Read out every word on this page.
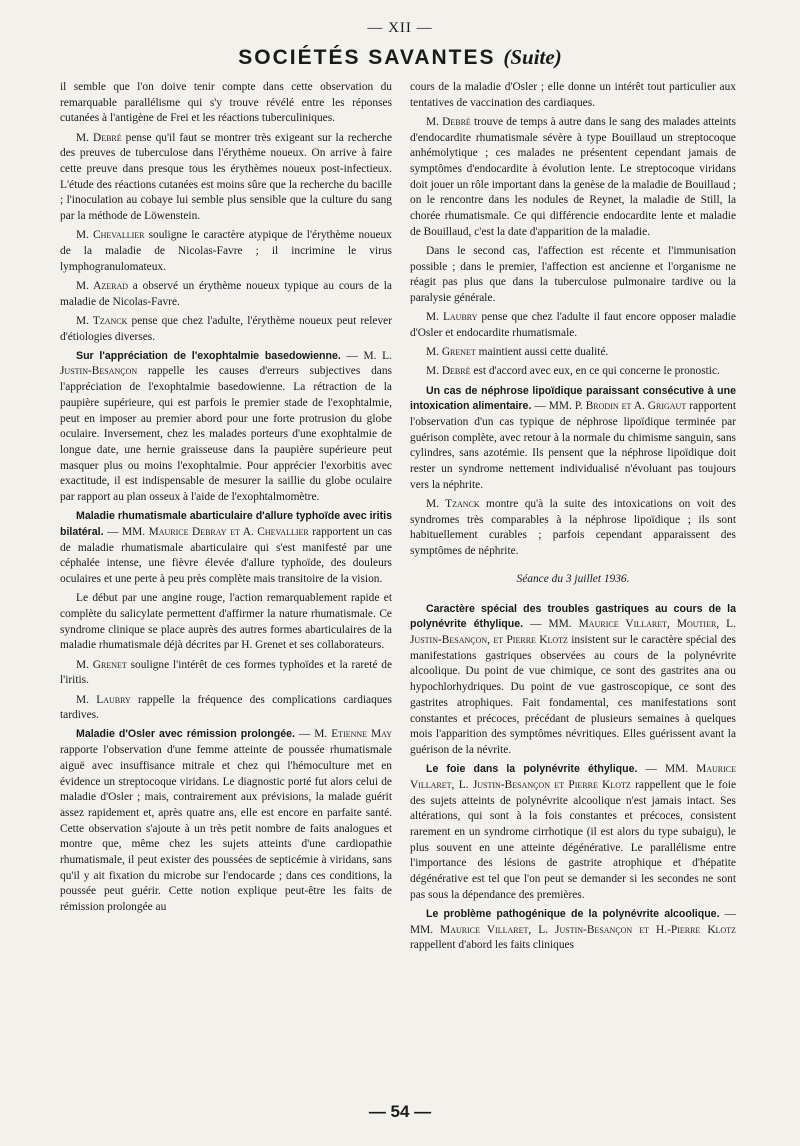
— XII —
SOCIÉTÉS SAVANTES (Suite)

il semble que l'on doive tenir compte dans cette observation du remarquable parallélisme qui s'y trouve révélé entre les réponses cutanées à l'antigène de Frei et les réactions tuberculiniques.

M. Debré pense qu'il faut se montrer très exigeant sur la recherche des preuves de tuberculose dans l'érythème noueux. On arrive à faire cette preuve dans presque tous les érythèmes noueux post-infectieux. L'étude des réactions cutanées est moins sûre que la recherche du bacille ; l'inoculation au cobaye lui semble plus sensible que la culture du sang par la méthode de Löwenstein.

M. Chevallier souligne le caractère atypique de l'érythème noueux de la maladie de Nicolas-Favre ; il incrimine le virus lymphogranulomateux.

M. Azerad a observé un érythème noueux typique au cours de la maladie de Nicolas-Favre.

M. Tzanck pense que chez l'adulte, l'érythème noueux peut relever d'étiologies diverses.

Sur l'appréciation de l'exophtalmie basedowienne. — M. L. Justin-Besançon rappelle les causes d'erreurs subjectives dans l'appréciation de l'exophtalmie basedowienne. La rétraction de la paupière supérieure, qui est parfois le premier stade de l'exophtalmie, peut en imposer au premier abord pour une forte protrusion du globe oculaire. Inversement, chez les malades porteurs d'une exophtalmie de longue date, une hernie graisseuse dans la paupière supérieure peut masquer plus ou moins l'exophtalmie. Pour apprécier l'exorbitis avec exactitude, il est indispensable de mesurer la saillie du globe oculaire par rapport au plan osseux à l'aide de l'exophtalmomètre.

Maladie rhumatismale abarticulaire d'allure typhoïde avec iritis bilatéral. — MM. Maurice Debray et A. Chevallier rapportent un cas de maladie rhumatismale abarticulaire qui s'est manifesté par une céphalée intense, une fièvre élevée d'allure typhoïde, des douleurs oculaires et une perte à peu près complète mais transitoire de la vision.

Le début par une angine rouge, l'action remarquablement rapide et complète du salicylate permettent d'affirmer la nature rhumatismale. Ce syndrome clinique se place auprès des autres formes abarticulaires de la maladie rhumatismale déjà décrites par H. Grenet et ses collaborateurs.

M. Grenet souligne l'intérêt de ces formes typhoïdes et la rareté de l'iritis.

M. Laubry rappelle la fréquence des complications cardiaques tardives.

Maladie d'Osler avec rémission prolongée. — M. Etienne May rapporte l'observation d'une femme atteinte de poussée rhumatismale aiguë avec insuffisance mitrale et chez qui l'hémoculture met en évidence un streptocoque viridans. Le diagnostic porté fut alors celui de maladie d'Osler ; mais, contrairement aux prévisions, la malade guérit assez rapidement et, après quatre ans, elle est encore en parfaite santé. Cette observation s'ajoute à un très petit nombre de faits analogues et montre que, même chez les sujets atteints d'une cardiopathie rhumatismale, il peut exister des poussées de septicémie à viridans, sans qu'il y ait fixation du microbe sur l'endocarde ; dans ces conditions, la poussée peut guérir. Cette notion explique peut-être les faits de rémission prolongée au

cours de la maladie d'Osler ; elle donne un intérêt tout particulier aux tentatives de vaccination des cardiaques.

M. Debré trouve de temps à autre dans le sang des malades atteints d'endocardite rhumatismale sévère à type Bouillaud un streptocoque anhémolytique ; ces malades ne présentent cependant jamais de symptômes d'endocardite à évolution lente. Le streptocoque viridans doit jouer un rôle important dans la genèse de la maladie de Bouillaud ; on le rencontre dans les nodules de Reynet, la maladie de Still, la chorée rhumatismale. Ce qui différencie endocardite lente et maladie de Bouillaud, c'est la date d'apparition de la maladie.

Dans le second cas, l'affection est récente et l'immunisation possible ; dans le premier, l'affection est ancienne et l'organisme ne réagit pas plus que dans la tuberculose pulmonaire tardive ou la paralysie générale.

M. Laubry pense que chez l'adulte il faut encore opposer maladie d'Osler et endocardite rhumatismale.

M. Grenet maintient aussi cette dualité.

M. Debré est d'accord avec eux, en ce qui concerne le pronostic.

Un cas de néphrose lipoïdique paraissant consécutive à une intoxication alimentaire. — MM. P. Brodin et A. Grigaut rapportent l'observation d'un cas typique de néphrose lipoïdique terminée par guérison complète, avec retour à la normale du chimisme sanguin, sans cylindres, sans azotémie. Ils pensent que la néphrose lipoïdique doit rester un syndrome nettement individualisé n'évoluant pas toujours vers la néphrite.

M. Tzanck montre qu'à la suite des intoxications on voit des syndromes très comparables à la néphrose lipoïdique ; ils sont habituellement curables ; parfois cependant apparaissent des symptômes de néphrite.

Séance du 3 juillet 1936.

Caractère spécial des troubles gastriques au cours de la polynévrite éthylique. — MM. Maurice Villaret, Moutier, L. Justin-Besançon, et Pierre Klotz insistent sur le caractère spécial des manifestations gastriques observées au cours de la polynévrite alcoolique. Du point de vue chimique, ce sont des gastrites ana ou hypochlorhydriques. Du point de vue gastroscopique, ce sont des gastrites atrophiques. Fait fondamental, ces manifestations sont constantes et précoces, précédant de plusieurs semaines à quelques mois l'apparition des symptômes névritiques. Elles guérissent avant la guérison de la névrite.

Le foie dans la polynévrite éthylique. — MM. Maurice Villaret, L. Justin-Besançon et Pierre Klotz rappellent que le foie des sujets atteints de polynévrite alcoolique n'est jamais intact. Ses altérations, qui sont à la fois constantes et précoces, consistent rarement en un syndrome cirrhotique (il est alors du type subaigu), le plus souvent en une atteinte dégénérative. Le parallélisme entre l'importance des lésions de gastrite atrophique et d'hépatite dégénérative est tel que l'on peut se demander si les secondes ne sont pas sous la dépendance des premières.

Le problème pathogénique de la polynévrite alcoolique. — MM. Maurice Villaret, L. Justin-Besançon et H.-Pierre Klotz rappellent d'abord les faits cliniques

— 54 —
